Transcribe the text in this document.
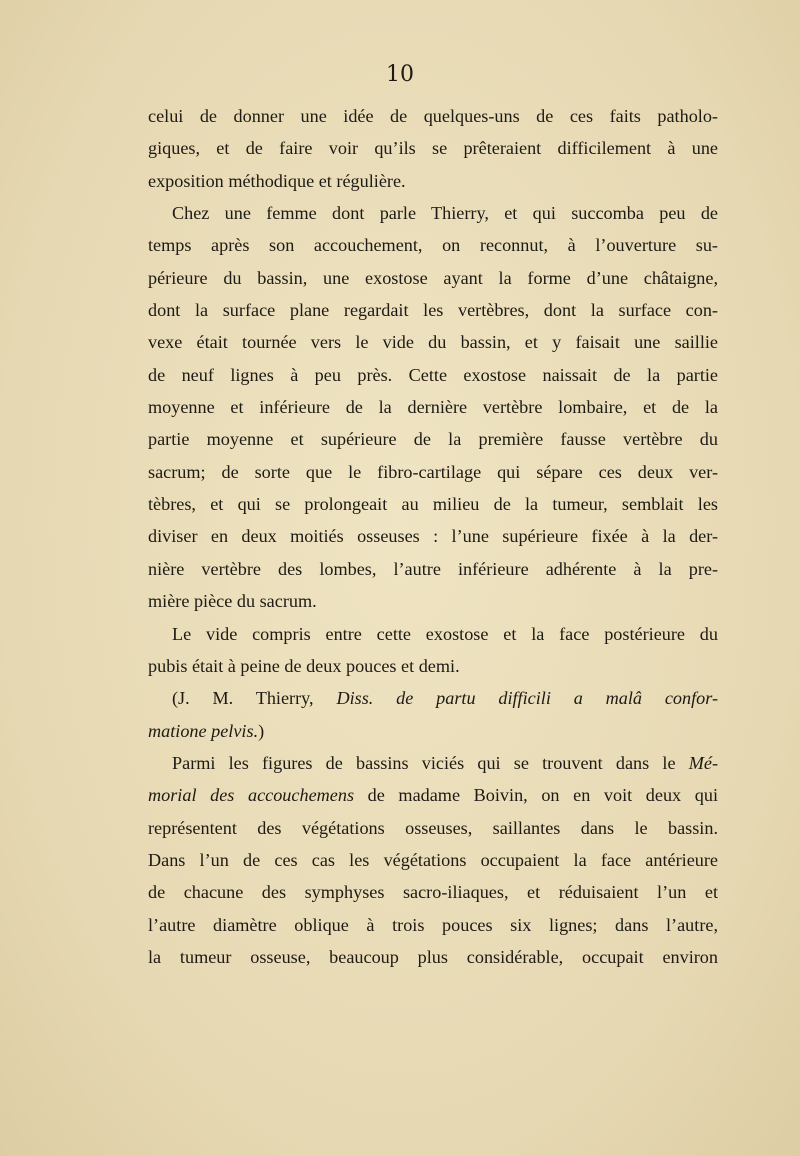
10
celui de donner une idée de quelques-uns de ces faits patholo-
giques, et de faire voir qu’ils se prêteraient difficilement à une
exposition méthodique et régulière.
Chez une femme dont parle Thierry, et qui succomba peu de
temps après son accouchement, on reconnut, à l’ouverture su-
périeure du bassin, une exostose ayant la forme d’une châtaigne,
dont la surface plane regardait les vertèbres, dont la surface con-
vexe était tournée vers le vide du bassin, et y faisait une saillie
de neuf lignes à peu près. Cette exostose naissait de la partie
moyenne et inférieure de la dernière vertèbre lombaire, et de la
partie moyenne et supérieure de la première fausse vertèbre du
sacrum; de sorte que le fibro-cartilage qui sépare ces deux ver-
tèbres, et qui se prolongeait au milieu de la tumeur, semblait les
diviser en deux moitiés osseuses : l’une supérieure fixée à la der-
nière vertèbre des lombes, l’autre inférieure adhérente à la pre-
mière pièce du sacrum.
Le vide compris entre cette exostose et la face postérieure du
pubis était à peine de deux pouces et demi.
(J. M. Thierry, Diss. de partu difficili a malâ confor-
matione pelvis.)
Parmi les figures de bassins viciés qui se trouvent dans le Mé-
morial des accouchemens de madame Boivin, on en voit deux qui
représentent des végétations osseuses, saillantes dans le bassin.
Dans l’un de ces cas les végétations occupaient la face antérieure
de chacune des symphyses sacro-iliaques, et réduisaient l’un et
l’autre diamètre oblique à trois pouces six lignes; dans l’autre,
la tumeur osseuse, beaucoup plus considérable, occupait environ
